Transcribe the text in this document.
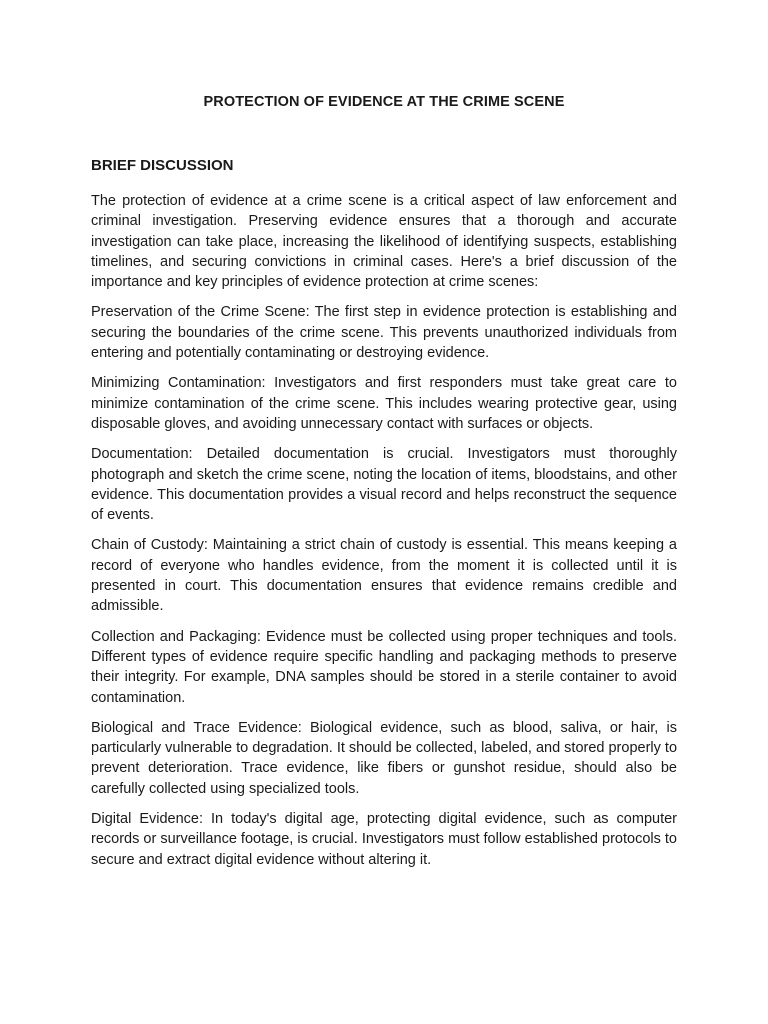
PROTECTION OF EVIDENCE AT THE CRIME SCENE
BRIEF DISCUSSION

The protection of evidence at a crime scene is a critical aspect of law enforcement and criminal investigation. Preserving evidence ensures that a thorough and accurate investigation can take place, increasing the likelihood of identifying suspects, establishing timelines, and securing convictions in criminal cases. Here's a brief discussion of the importance and key principles of evidence protection at crime scenes:

Preservation of the Crime Scene: The first step in evidence protection is establishing and securing the boundaries of the crime scene. This prevents unauthorized individuals from entering and potentially contaminating or destroying evidence.

Minimizing Contamination: Investigators and first responders must take great care to minimize contamination of the crime scene. This includes wearing protective gear, using disposable gloves, and avoiding unnecessary contact with surfaces or objects.

Documentation: Detailed documentation is crucial. Investigators must thoroughly photograph and sketch the crime scene, noting the location of items, bloodstains, and other evidence. This documentation provides a visual record and helps reconstruct the sequence of events.

Chain of Custody: Maintaining a strict chain of custody is essential. This means keeping a record of everyone who handles evidence, from the moment it is collected until it is presented in court. This documentation ensures that evidence remains credible and admissible.

Collection and Packaging: Evidence must be collected using proper techniques and tools. Different types of evidence require specific handling and packaging methods to preserve their integrity. For example, DNA samples should be stored in a sterile container to avoid contamination.

Biological and Trace Evidence: Biological evidence, such as blood, saliva, or hair, is particularly vulnerable to degradation. It should be collected, labeled, and stored properly to prevent deterioration. Trace evidence, like fibers or gunshot residue, should also be carefully collected using specialized tools.

Digital Evidence: In today's digital age, protecting digital evidence, such as computer records or surveillance footage, is crucial. Investigators must follow established protocols to secure and extract digital evidence without altering it.
